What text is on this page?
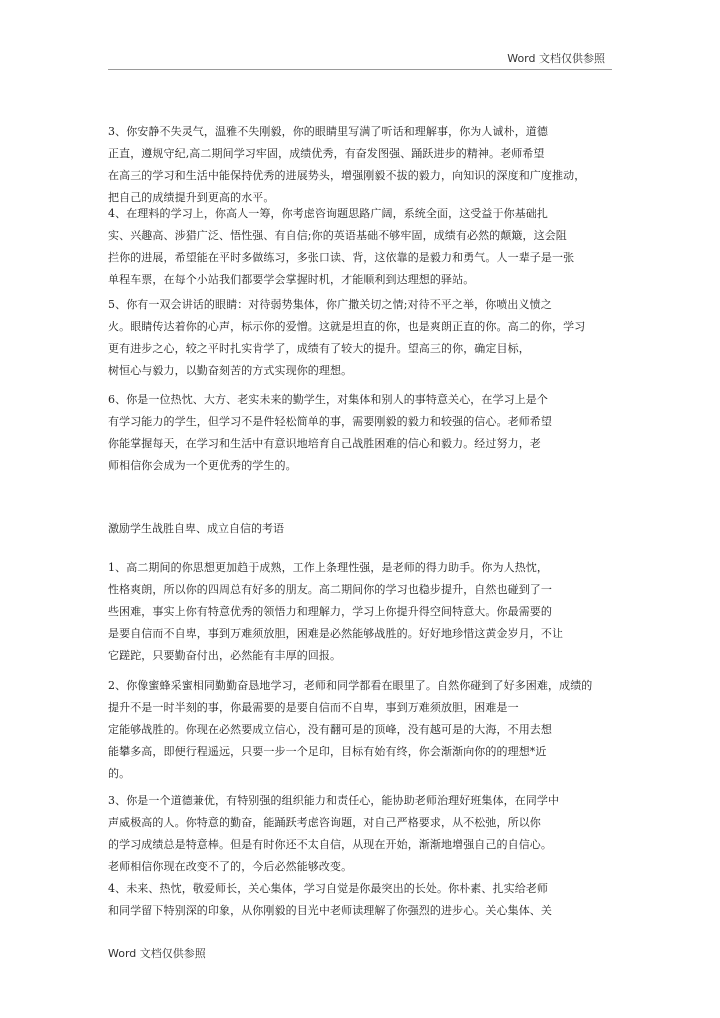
Word 文档仅供参照
3、你安静不失灵气，温雅不失刚毅，你的眼睛里写满了听话和理解事，你为人诚朴，道德
正直，遵规守纪,高二期间学习牢固，成绩优秀，有奋发图强、踊跃进步的精神。老师希望
在高三的学习和生活中能保持优秀的进展势头，增强刚毅不拔的毅力，向知识的深度和广度推动，
把自己的成绩提升到更高的水平。
4、在理料的学习上，你高人一筹，你考虑咨询题思路广阔，系统全面，这受益于你基础扎
实、兴趣高、涉猎广泛、悟性强、有自信;你的英语基础不够牢固，成绩有必然的颠簸，这会阻
拦你的进展，希望能在平时多做练习，多张口读、背，这依靠的是毅力和勇气。人一辈子是一张
单程车票，在每个小站我们都要学会掌握时机，才能顺利到达理想的驿站。
5、你有一双会讲话的眼睛：对待弱势集体，你广撒关切之情;对待不平之举，你喷出义愤之
火。眼睛传达着你的心声，标示你的爱憎。这就是坦直的你，也是爽朗正直的你。高二的你，学习
更有进步之心，较之平时扎实肯学了，成绩有了较大的提升。望高三的你，确定目标，
树恒心与毅力，以勤奋刻苦的方式实现你的理想。
6、你是一位热忱、大方、老实未来的勤学生，对集体和别人的事特意关心，在学习上是个
有学习能力的学生，但学习不是件轻松简单的事，需要刚毅的毅力和较强的信心。老师希望
你能掌握每天，在学习和生活中有意识地培育自己战胜困难的信心和毅力。经过努力，老
师相信你会成为一个更优秀的学生的。
激励学生战胜自卑、成立自信的考语
1、高二期间的你思想更加趋于成熟，工作上条理性强，是老师的得力助手。你为人热忱，
性格爽朗，所以你的四周总有好多的朋友。高二期间你的学习也稳步提升，自然也碰到了一
些困难，事实上你有特意优秀的领悟力和理解力，学习上你提升得空间特意大。你最需要的
是要自信而不自卑，事到万难须放胆，困难是必然能够战胜的。好好地珍惜这黄金岁月，不让
它蹉跎，只要勤奋付出，必然能有丰厚的回报。
2、你像蜜蜂采蜜相同勤勤奋恳地学习，老师和同学都看在眼里了。自然你碰到了好多困难，成绩的
提升不是一时半刻的事，你最需要的是要自信而不自卑，事到万难须放胆，困难是一
定能够战胜的。你现在必然要成立信心，没有翻可是的顶峰，没有越可是的大海，不用去想
能攀多高，即便行程遥远，只要一步一个足印，目标有始有终，你会渐渐向你的的理想*近
的。
3、你是一个道德兼优，有特别强的组织能力和责任心，能协助老师治理好班集体，在同学中
声威极高的人。你特意的勤奋，能踊跃考虑咨询题，对自己严格要求，从不松弛，所以你
的学习成绩总是特意棒。但是有时你还不太自信，从现在开始，渐渐地增强自己的自信心。
老师相信你现在改变不了的，今后必然能够改变。
4、未来、热忱，敬爱师长，关心集体，学习自觉是你最突出的长处。你朴素、扎实给老师
和同学留下特别深的印象，从你刚毅的目光中老师读理解了你强烈的进步心。关心集体、关
Word 文档仅供参照
